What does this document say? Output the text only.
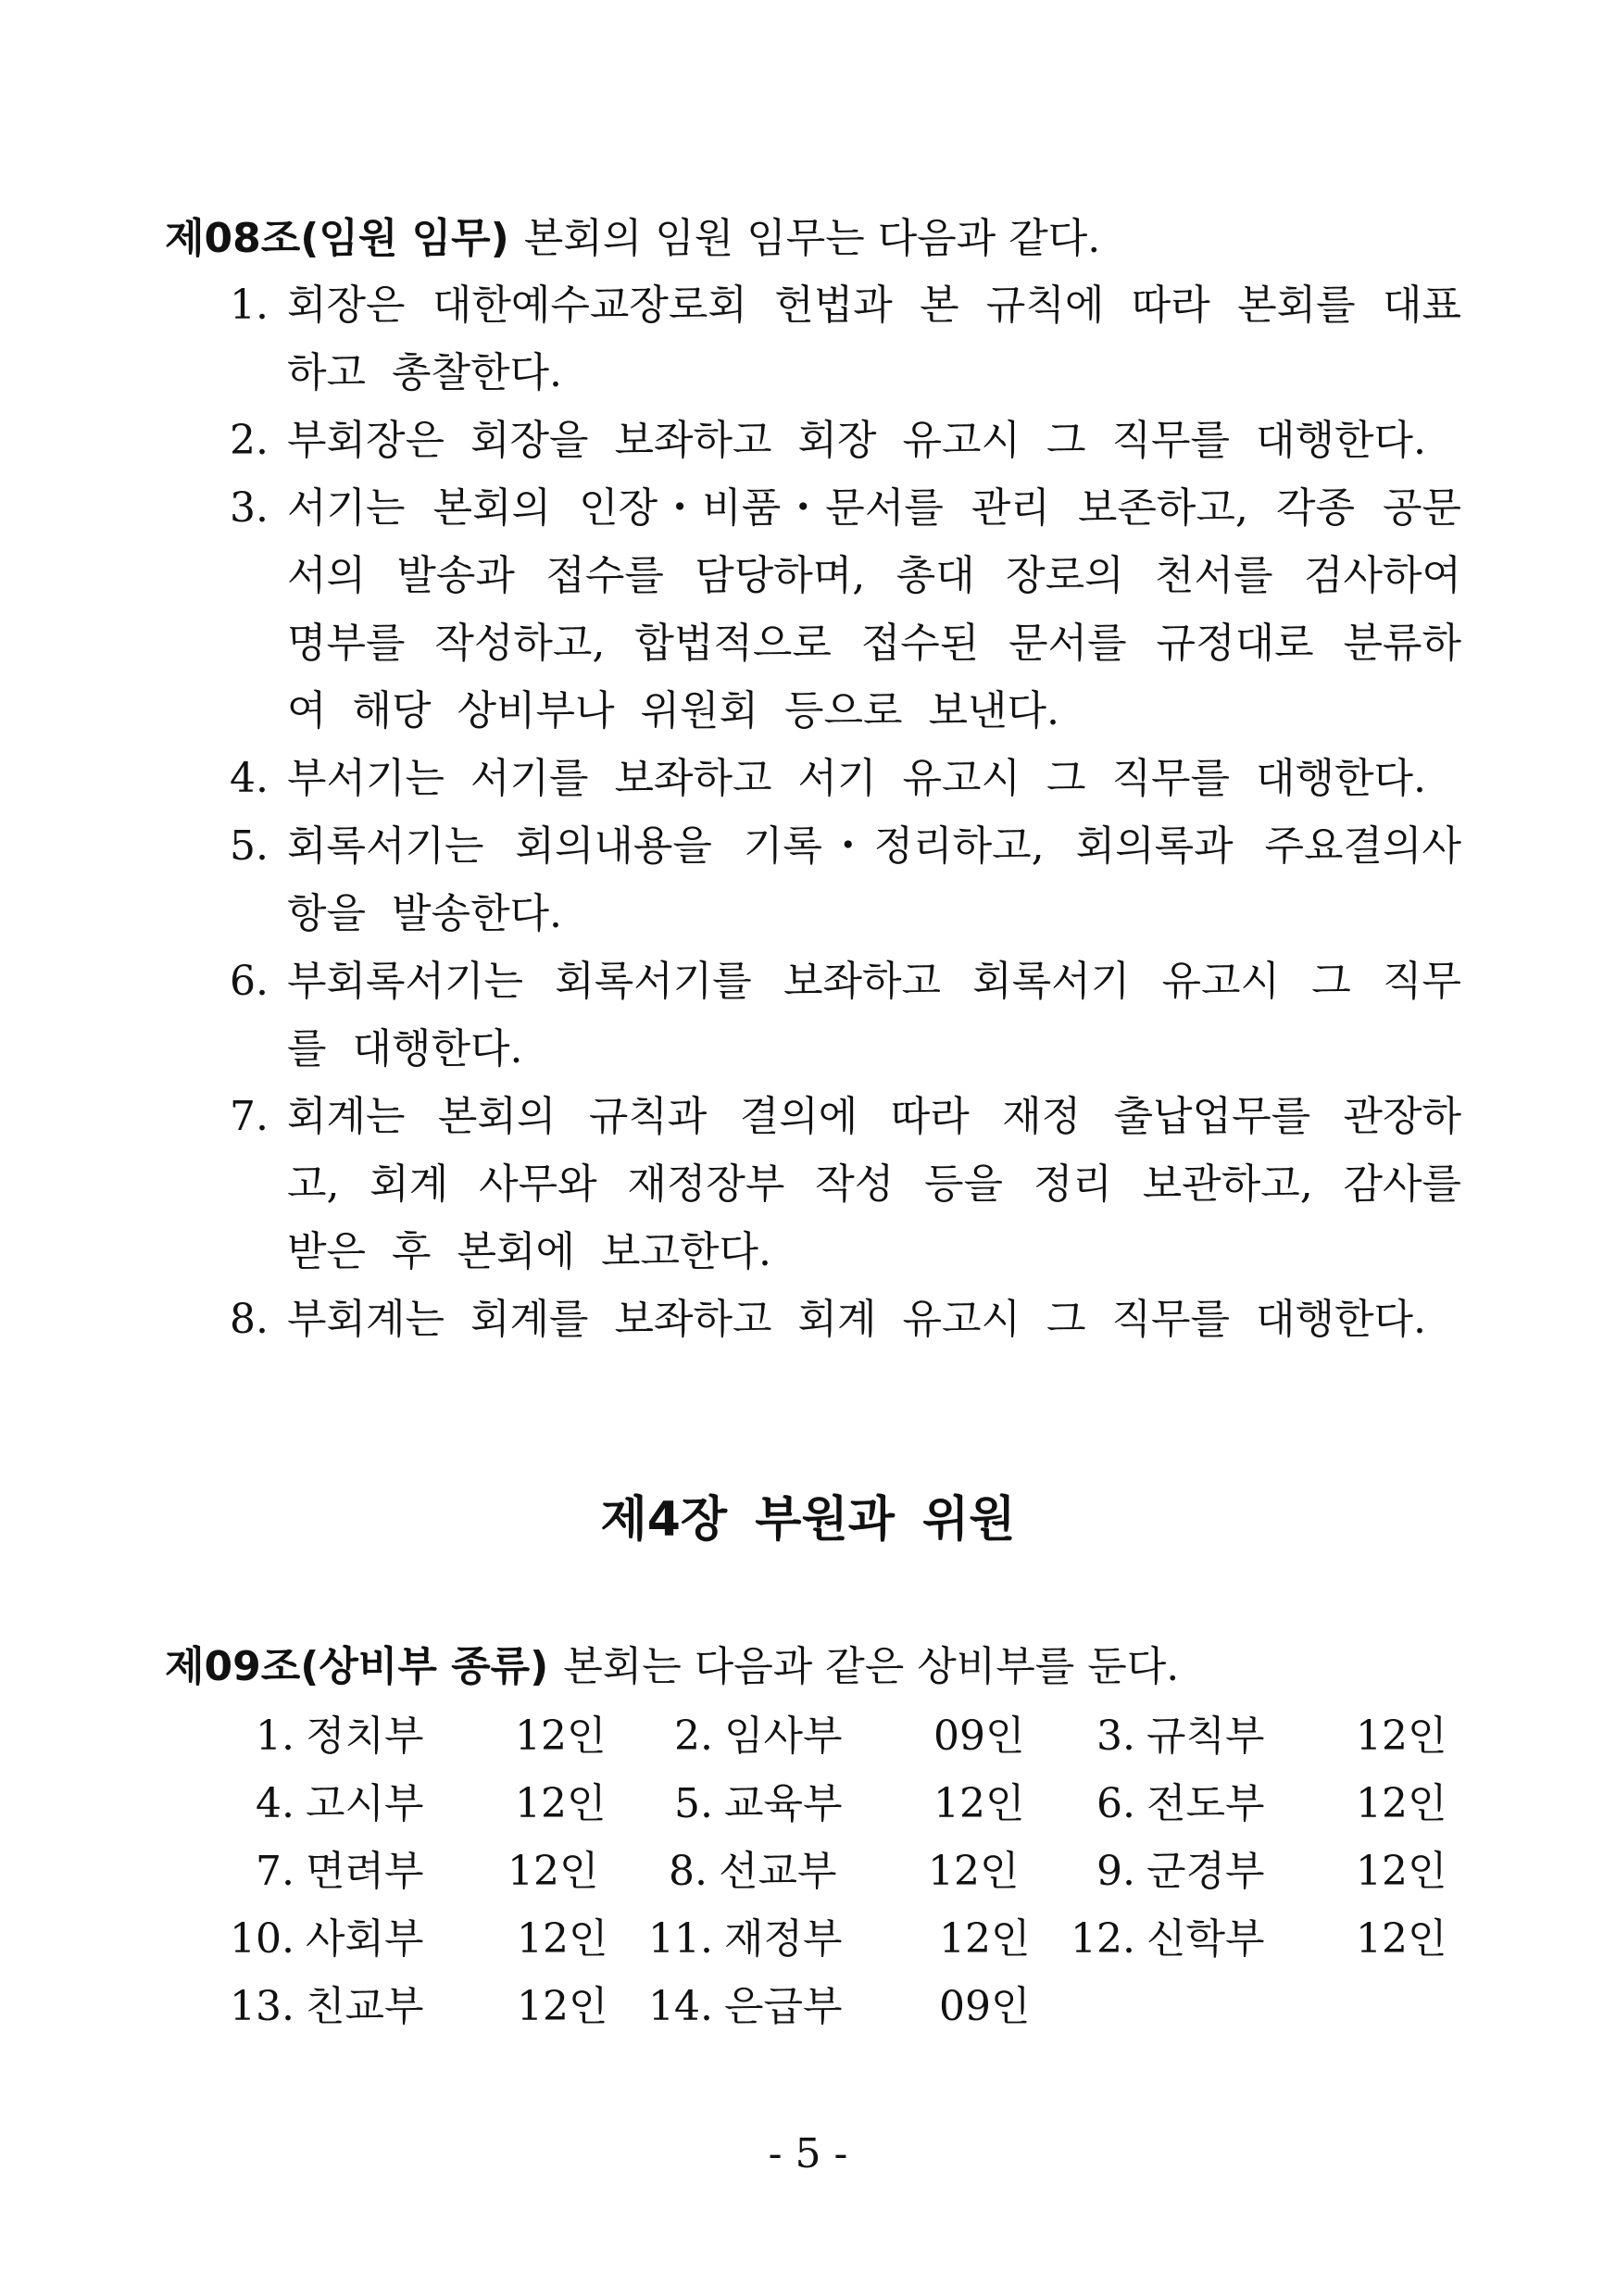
제08조(임원 임무) 본회의 임원 임무는 다음과 같다.
1. 회장은 대한예수교장로회 헌법과 본 규칙에 따라 본회를 대표하고 총찰한다.
2. 부회장은 회장을 보좌하고 회장 유고시 그 직무를 대행한다.
3. 서기는 본회의 인장・비품・문서를 관리 보존하고, 각종 공문서의 발송과 접수를 담당하며, 총대 장로의 천서를 검사하여 명부를 작성하고, 합법적으로 접수된 문서를 규정대로 분류하여 해당 상비부나 위원회 등으로 보낸다.
4. 부서기는 서기를 보좌하고 서기 유고시 그 직무를 대행한다.
5. 회록서기는 회의내용을 기록・정리하고, 회의록과 주요결의사항을 발송한다.
6. 부회록서기는 회록서기를 보좌하고 회록서기 유고시 그 직무를 대행한다.
7. 회계는 본회의 규칙과 결의에 따라 재정 출납업무를 관장하고, 회계 사무와 재정장부 작성 등을 정리 보관하고, 감사를 받은 후 본회에 보고한다.
8. 부회계는 회계를 보좌하고 회계 유고시 그 직무를 대행한다.
제4장 부원과 위원
제09조(상비부 종류) 본회는 다음과 같은 상비부를 둔다.
1. 정치부 12인	2. 임사부 09인	3. 규칙부 12인
4. 고시부 12인	5. 교육부 12인	6. 전도부 12인
7. 면려부 12인	8. 선교부 12인	9. 군경부 12인
10. 사회부 12인 11. 재정부 12인 12. 신학부 12인
13. 친교부 12인 14. 은급부 09인
- 5 -
